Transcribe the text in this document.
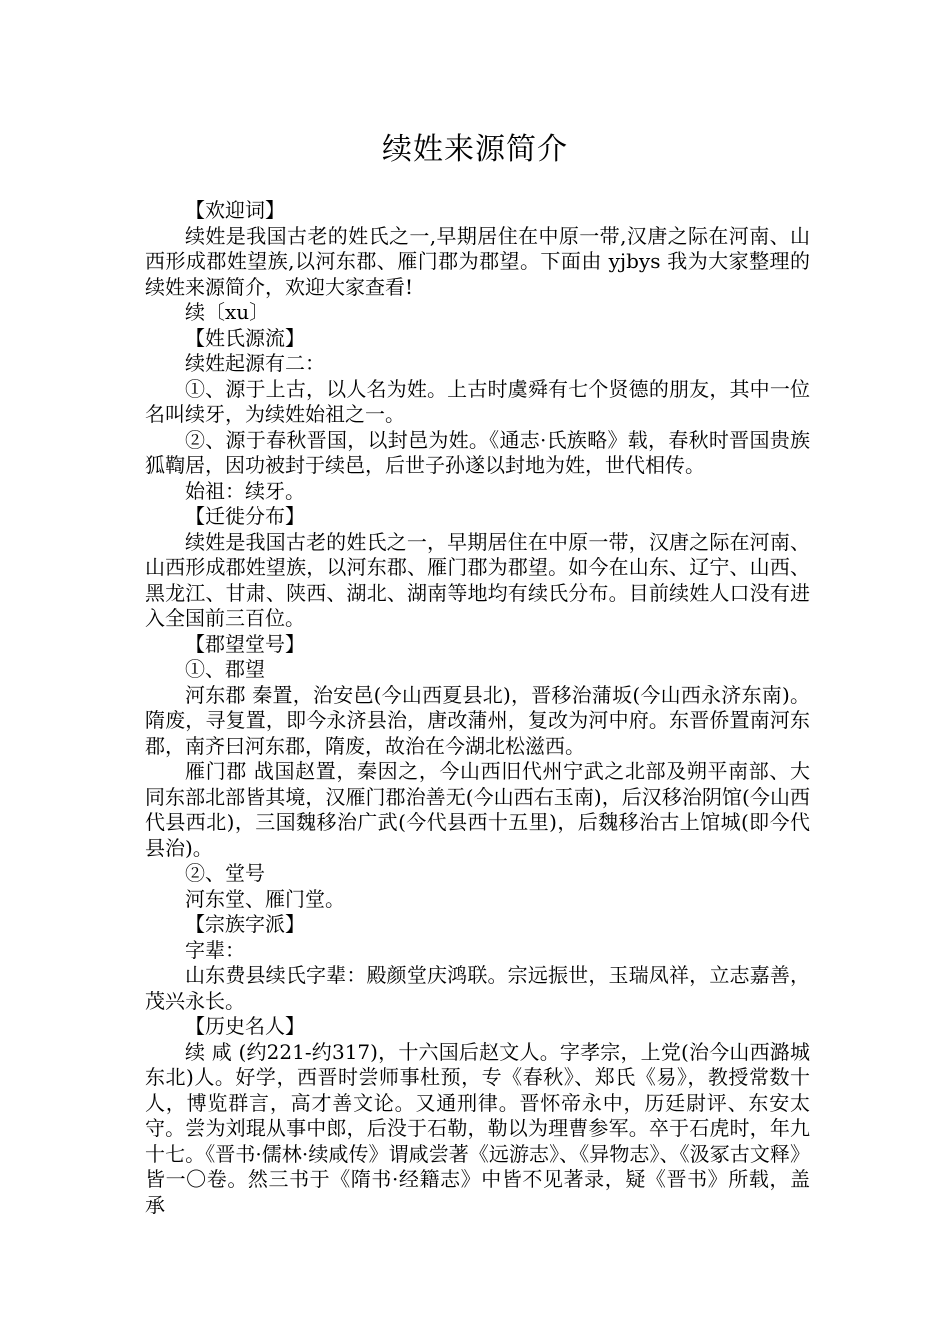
续姓来源简介

【欢迎词】

续姓是我国古老的姓氏之一,早期居住在中原一带,汉唐之际在河南、山西形成郡姓望族,以河东郡、雁门郡为郡望。下面由 yjbys 我为大家整理的续姓来源简介，欢迎大家查看!

续〔xu〕

【姓氏源流】

续姓起源有二：

①、源于上古，以人名为姓。上古时虞舜有七个贤德的朋友，其中一位名叫续牙，为续姓始祖之一。

②、源于春秋晋国，以封邑为姓。《通志·氏族略》载，春秋时晋国贵族狐鞫居，因功被封于续邑，后世子孙遂以封地为姓，世代相传。

始祖：续牙。

【迁徙分布】

续姓是我国古老的姓氏之一，早期居住在中原一带，汉唐之际在河南、山西形成郡姓望族，以河东郡、雁门郡为郡望。如今在山东、辽宁、山西、黑龙江、甘肃、陕西、湖北、湖南等地均有续氏分布。目前续姓人口没有进入全国前三百位。

【郡望堂号】

①、郡望

河东郡 秦置，治安邑(今山西夏县北)，晋移治蒲坂(今山西永济东南)。隋废，寻复置，即今永济县治，唐改蒲州，复改为河中府。东晋侨置南河东郡，南齐曰河东郡，隋废，故治在今湖北松滋西。

雁门郡 战国赵置，秦因之，今山西旧代州宁武之北部及朔平南部、大同东部北部皆其境，汉雁门郡治善无(今山西右玉南)，后汉移治阴馆(今山西代县西北)，三国魏移治广武(今代县西十五里)，后魏移治古上馆城(即今代县治)。

②、堂号

河东堂、雁门堂。

【宗族字派】

字辈：

山东费县续氏字辈：殿颜堂庆鸿联。宗远振世，玉瑞凤祥，立志嘉善，茂兴永长。

【历史名人】

续 咸 (约221-约317)，十六国后赵文人。字孝宗，上党(治今山西潞城东北)人。好学，西晋时尝师事杜预，专《春秋》、郑氏《易》，教授常数十人，博览群言，高才善文论。又通刑律。晋怀帝永中，历廷尉评、东安太守。尝为刘琨从事中郎，后没于石勒，勒以为理曹参军。卒于石虎时，年九十七。《晋书·儒林·续咸传》谓咸尝著《远游志》、《异物志》、《汲冢古文释》皆一〇卷。然三书于《隋书·经籍志》中皆不见著录，疑《晋书》所载，盖承
